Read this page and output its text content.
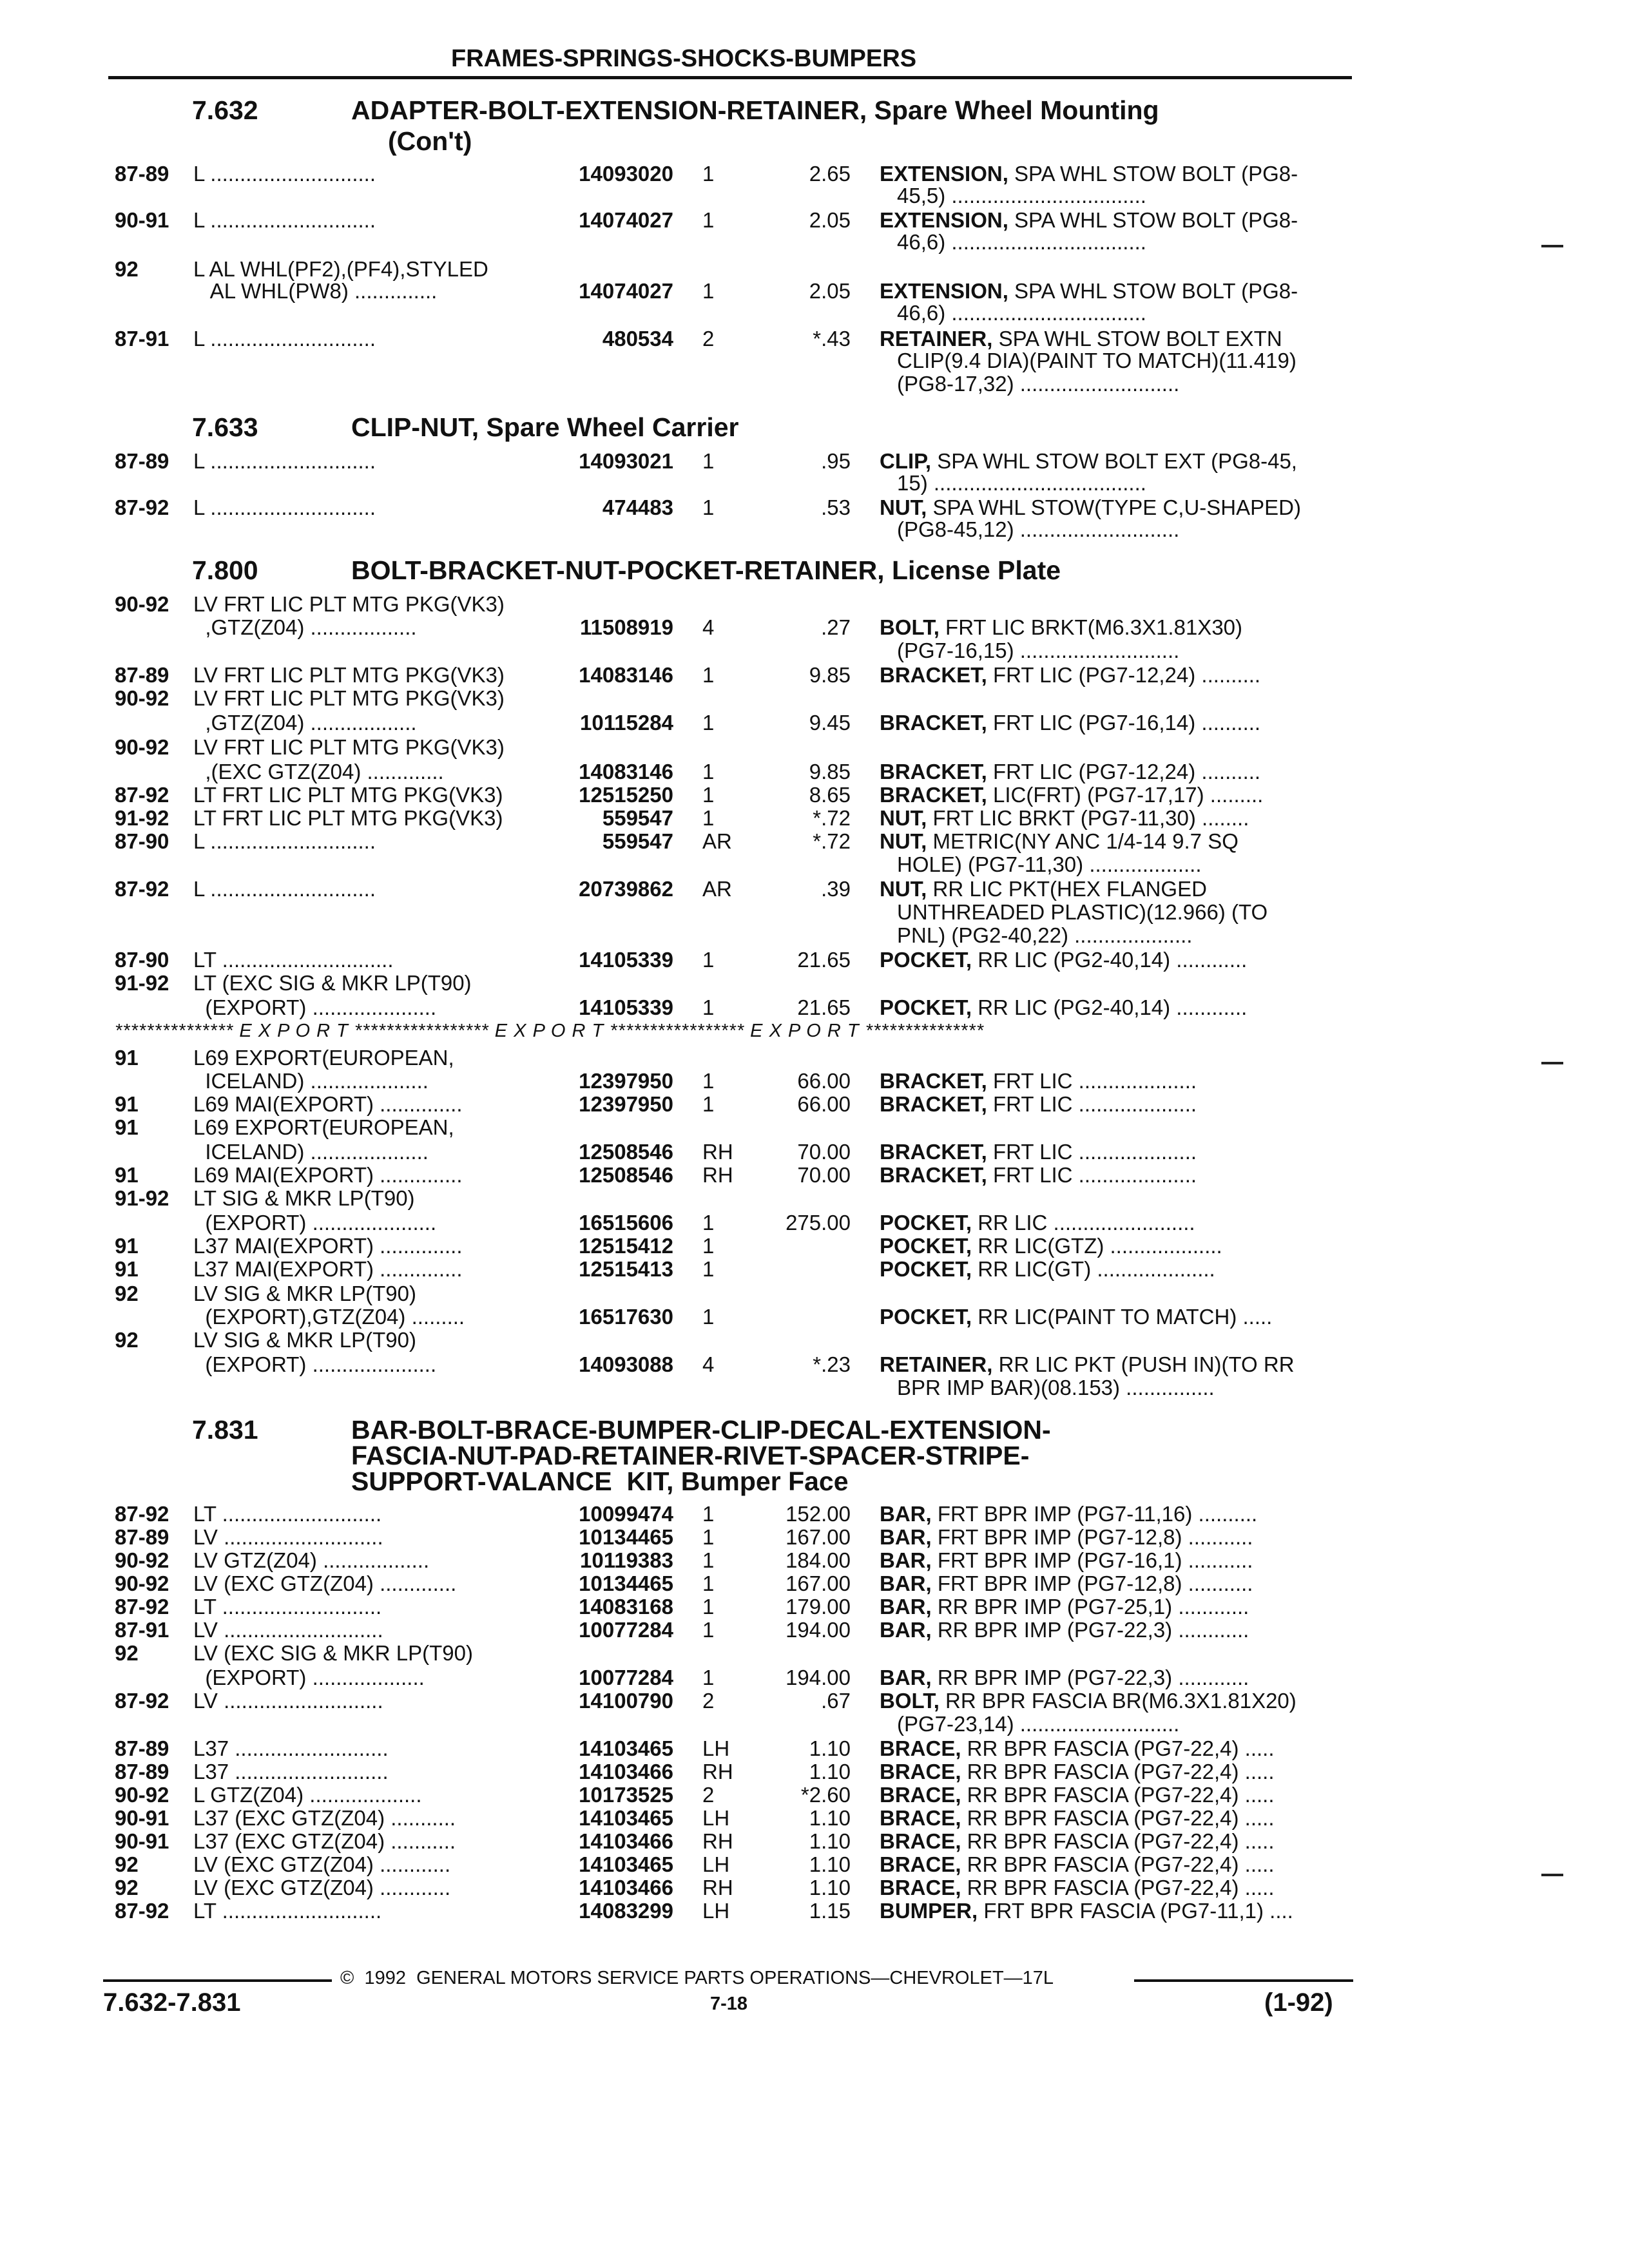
FRAMES-SPRINGS-SHOCKS-BUMPERS
7.632	ADAPTER-BOLT-EXTENSION-RETAINER, Spare Wheel Mounting
(Con't)
87-89 L ............................	14093020 1	2.65 EXTENSION, SPA WHL STOW BOLT (PG8-
45,5) .................................
90-91 L ............................	14074027 1	2.05 EXTENSION, SPA WHL STOW BOLT (PG8-
46,6) .................................
92	L AL WHL(PF2),(PF4),STYLED
AL WHL(PW8) ..............	14074027 1	2.05 EXTENSION, SPA WHL STOW BOLT (PG8-
46,6) .................................
87-91 L ............................	480534 2	*.43 RETAINER, SPA WHL STOW BOLT EXTN
CLIP(9.4 DIA)(PAINT TO MATCH)(11.419)
(PG8-17,32) ...........................
7.633	CLIP-NUT, Spare Wheel Carrier
87-89 L ............................	14093021 1	.95 CLIP, SPA WHL STOW BOLT EXT (PG8-45,
15) ....................................
87-92 L ............................	474483 1	.53 NUT, SPA WHL STOW(TYPE C,U-SHAPED)
(PG8-45,12) ...........................
7.800	BOLT-BRACKET-NUT-POCKET-RETAINER, License Plate
90-92 LV FRT LIC PLT MTG PKG(VK3)
,GTZ(Z04) ..................	11508919 4	.27 BOLT, FRT LIC BRKT(M6.3X1.81X30)
(PG7-16,15) ...........................
87-89 LV FRT LIC PLT MTG PKG(VK3)	14083146 1	9.85 BRACKET, FRT LIC (PG7-12,24) ..........
90-92 LV FRT LIC PLT MTG PKG(VK3)
,GTZ(Z04) ..................	10115284 1	9.45 BRACKET, FRT LIC (PG7-16,14) ..........
90-92 LV FRT LIC PLT MTG PKG(VK3)
,(EXC GTZ(Z04) .............	14083146 1	9.85 BRACKET, FRT LIC (PG7-12,24) ..........
87-92 LT FRT LIC PLT MTG PKG(VK3)	12515250 1	8.65 BRACKET, LIC(FRT) (PG7-17,17) .........
91-92 LT FRT LIC PLT MTG PKG(VK3)	559547 1	*.72 NUT, FRT LIC BRKT (PG7-11,30) ........
87-90 L ............................	559547 AR	*.72 NUT, METRIC(NY ANC 1/4-14 9.7 SQ
HOLE) (PG7-11,30) ...................
87-92 L ............................	20739862 AR	.39 NUT, RR LIC PKT(HEX FLANGED
UNTHREADED PLASTIC)(12.966) (TO
PNL) (PG2-40,22) ....................
87-90 LT .............................	14105339 1	21.65 POCKET, RR LIC (PG2-40,14) ............
91-92 LT (EXC SIG & MKR LP(T90)
(EXPORT) .....................	14105339 1	21.65 POCKET, RR LIC (PG2-40,14) ............
*************** E X P O R T ***************** E X P O R T ***************** E X P O R T ***************
91	L69 EXPORT(EUROPEAN,
ICELAND) ....................	12397950 1	66.00 BRACKET, FRT LIC ....................
91	L69 MAI(EXPORT) ..............	12397950 1	66.00 BRACKET, FRT LIC ....................
91	L69 EXPORT(EUROPEAN,
ICELAND) ....................	12508546 RH	70.00 BRACKET, FRT LIC ....................
91	L69 MAI(EXPORT) ..............	12508546 RH	70.00 BRACKET, FRT LIC ....................
91-92 LT SIG & MKR LP(T90)
(EXPORT) .....................	16515606 1	275.00 POCKET, RR LIC ........................
91	L37 MAI(EXPORT) ..............	12515412 1	POCKET, RR LIC(GTZ) ...................
91	L37 MAI(EXPORT) ..............	12515413 1	POCKET, RR LIC(GT) ....................
92	LV SIG & MKR LP(T90)
(EXPORT),GTZ(Z04) .........	16517630 1	POCKET, RR LIC(PAINT TO MATCH) .....
92	LV SIG & MKR LP(T90)
(EXPORT) .....................	14093088 4	*.23 RETAINER, RR LIC PKT (PUSH IN)(TO RR
BPR IMP BAR)(08.153) ...............
7.831	BAR-BOLT-BRACE-BUMPER-CLIP-DECAL-EXTENSION-
FASCIA-NUT-PAD-RETAINER-RIVET-SPACER-STRIPE-
SUPPORT-VALANCE  KIT, Bumper Face
87-92 LT ...........................	10099474 1	152.00 BAR, FRT BPR IMP (PG7-11,16) ..........
87-89 LV ...........................	10134465 1	167.00 BAR, FRT BPR IMP (PG7-12,8) ...........
90-92 LV GTZ(Z04) ..................	10119383 1	184.00 BAR, FRT BPR IMP (PG7-16,1) ...........
90-92 LV (EXC GTZ(Z04) .............	10134465 1	167.00 BAR, FRT BPR IMP (PG7-12,8) ...........
87-92 LT ...........................	14083168 1	179.00 BAR, RR BPR IMP (PG7-25,1) ............
87-91 LV ...........................	10077284 1	194.00 BAR, RR BPR IMP (PG7-22,3) ............
92	LV (EXC SIG & MKR LP(T90)
(EXPORT) ...................	10077284 1	194.00 BAR, RR BPR IMP (PG7-22,3) ............
87-92 LV ...........................	14100790 2	.67 BOLT, RR BPR FASCIA BR(M6.3X1.81X20)
(PG7-23,14) ...........................
87-89 L37 ..........................	14103465 LH	1.10 BRACE, RR BPR FASCIA (PG7-22,4) .....
87-89 L37 ..........................	14103466 RH	1.10 BRACE, RR BPR FASCIA (PG7-22,4) .....
90-92 L GTZ(Z04) ...................	10173525 2	*2.60 BRACE, RR BPR FASCIA (PG7-22,4) .....
90-91 L37 (EXC GTZ(Z04) ...........	14103465 LH	1.10 BRACE, RR BPR FASCIA (PG7-22,4) .....
90-91 L37 (EXC GTZ(Z04) ...........	14103466 RH	1.10 BRACE, RR BPR FASCIA (PG7-22,4) .....
92	LV (EXC GTZ(Z04) ............	14103465 LH	1.10 BRACE, RR BPR FASCIA (PG7-22,4) .....
92	LV (EXC GTZ(Z04) ............	14103466 RH	1.10 BRACE, RR BPR FASCIA (PG7-22,4) .....
87-92 LT ...........................	14083299 LH	1.15 BUMPER, FRT BPR FASCIA (PG7-11,1) ....
©  1992  GENERAL MOTORS SERVICE PARTS OPERATIONS—CHEVROLET—17L
7.632-7.831	7-18	(1-92)
